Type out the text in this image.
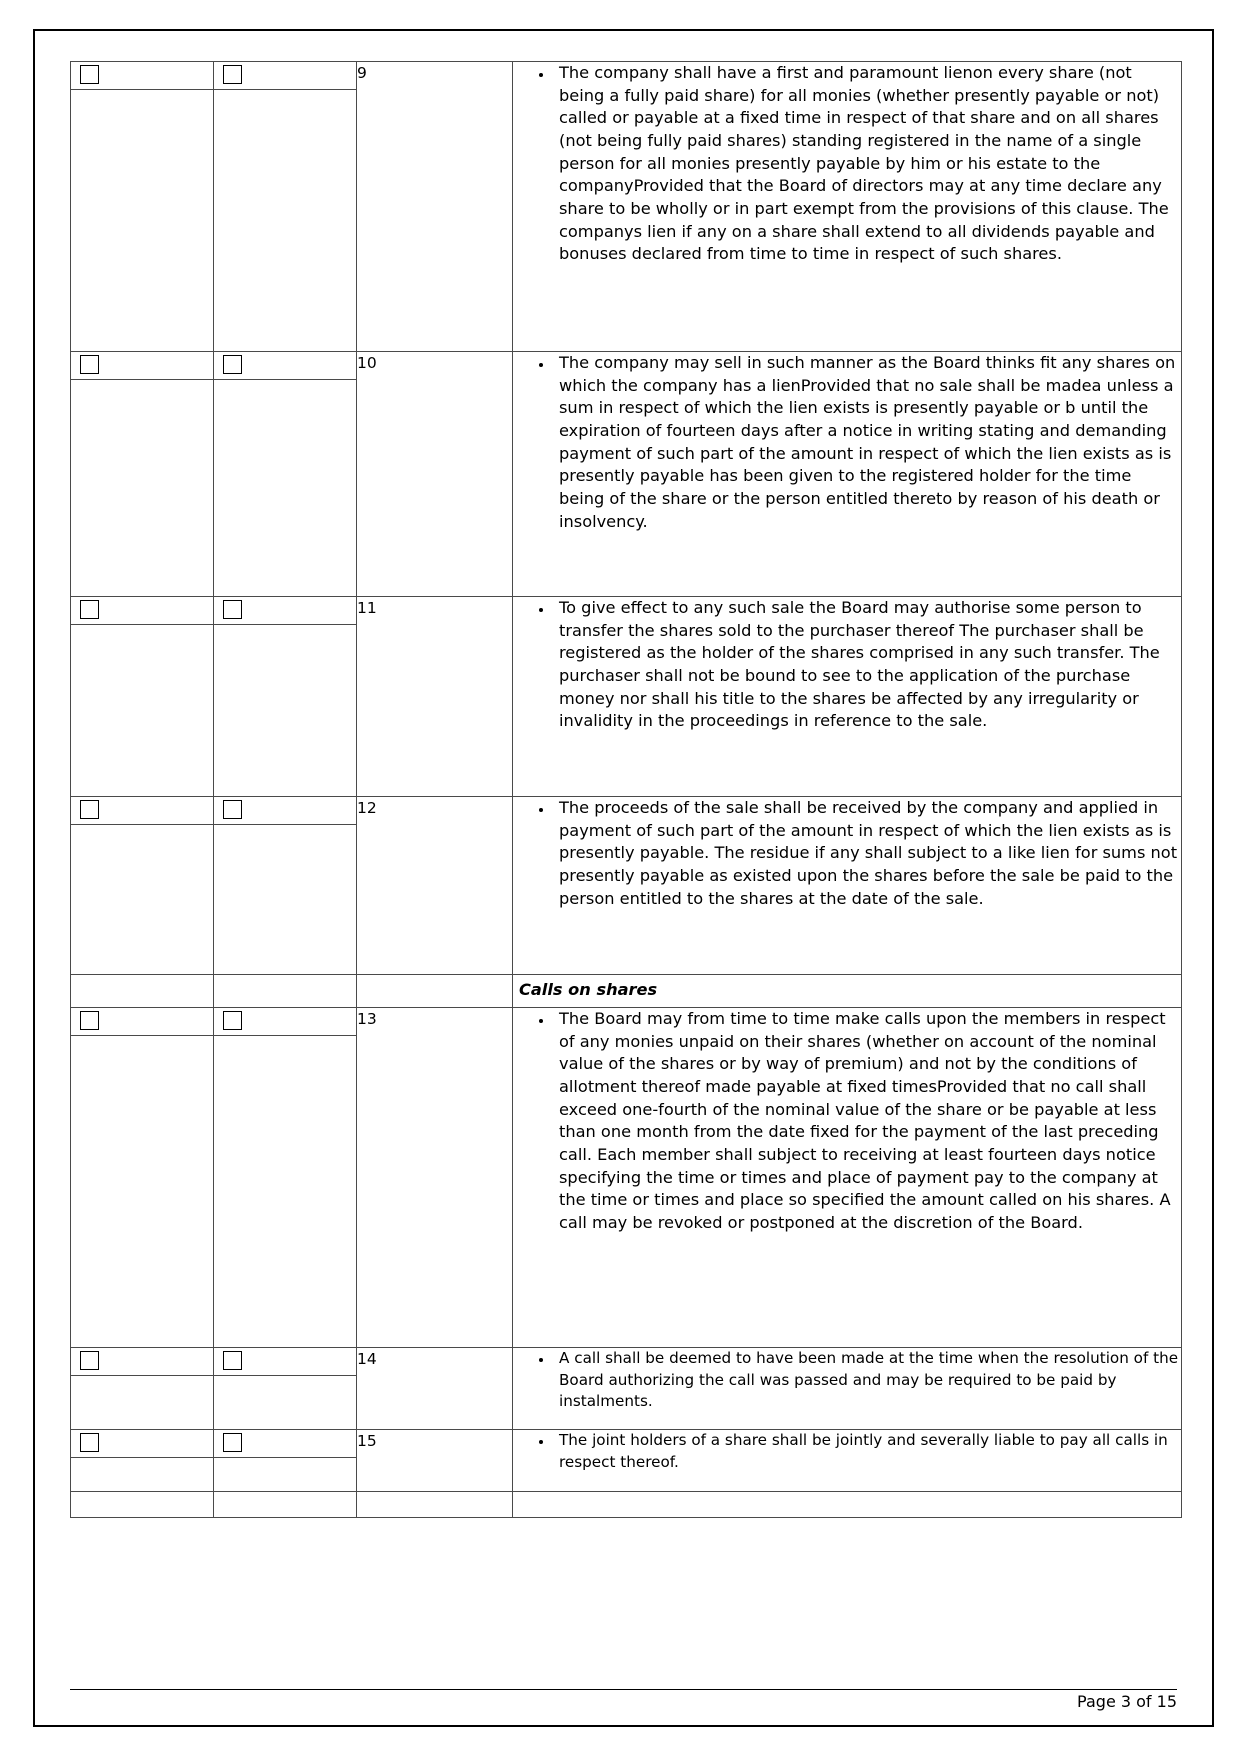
9

•The company shall have a first and paramount lienon every share (not being a fully paid share) for all monies (whether presently payable or not) called or payable at a fixed time in respect of that share and on all shares (not being fully paid shares) standing registered in the name of a single person for all monies presently payable by him or his estate to the companyProvided that the Board of directors may at any time declare any share to be wholly or in part exempt from the provisions of this clause. The companys lien if any on a share shall extend to all dividends payable and bonuses declared from time to time in respect of such shares.

10

•The company may sell in such manner as the Board thinks fit any shares on which the company has a lienProvided that no sale shall be madea unless a sum in respect of which the lien exists is presently payable or b until the expiration of fourteen days after a notice in writing stating and demanding payment of such part of the amount in respect of which the lien exists as is presently payable has been given to the registered holder for the time being of the share or the person entitled thereto by reason of his death or insolvency.

11

•To give effect to any such sale the Board may authorise some person to transfer the shares sold to the purchaser thereof The purchaser shall be registered as the holder of the shares comprised in any such transfer. The purchaser shall not be bound to see to the application of the purchase money nor shall his title to the shares be affected by any irregularity or invalidity in the proceedings in reference to the sale.

12

•The proceeds of the sale shall be received by the company and applied in payment of such part of the amount in respect of which the lien exists as is presently payable. The residue if any shall subject to a like lien for sums not presently payable as existed upon the shares before the sale be paid to the person entitled to the shares at the date of the sale.

			Calls on shares

13

•The Board may from time to time make calls upon the members in respect of any monies unpaid on their shares (whether on account of the nominal value of the shares or by way of premium) and not by the conditions of allotment thereof made payable at fixed timesProvided that no call shall exceed one-fourth of the nominal value of the share or be payable at less than one month from the date fixed for the payment of the last preceding call. Each member shall subject to receiving at least fourteen days notice specifying the time or times and place of payment pay to the company at the time or times and place so specified the amount called on his shares. A call may be revoked or postponed at the discretion of the Board.

14

•A call shall be deemed to have been made at the time when the resolution of the Board authorizing the call was passed and may be required to be paid by instalments.

15

•The joint holders of a share shall be jointly and severally liable to pay all calls in respect thereof.

Page 3 of 15
